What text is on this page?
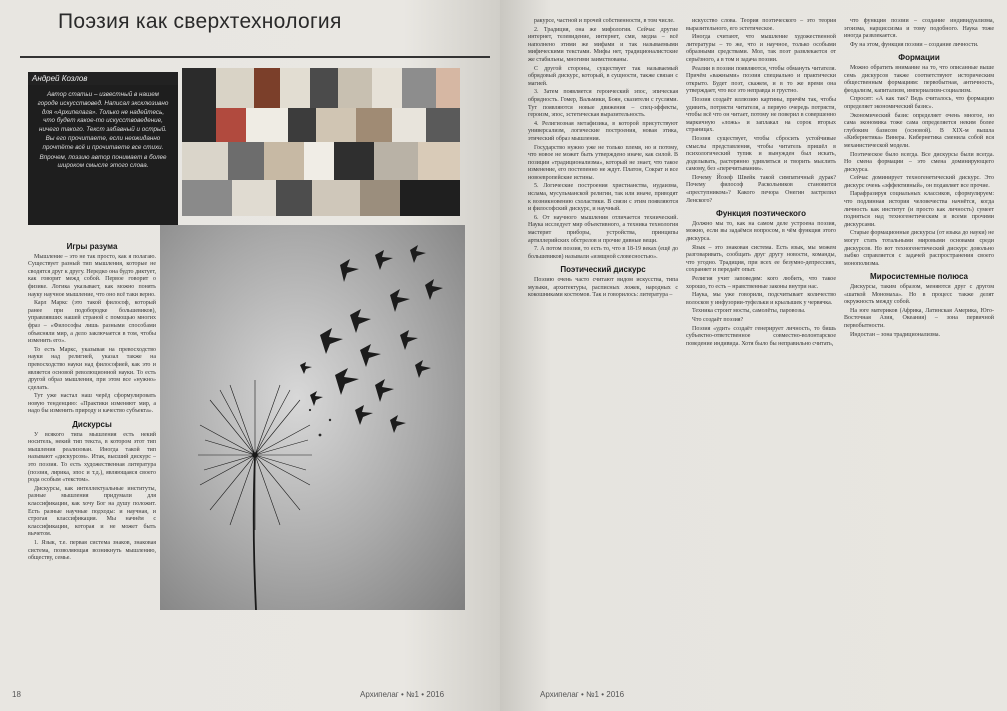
Поэзия как сверхтехнология
Андрей Козлов

Автор статьи – известный в нашем городе искусствовед. Написал эксклюзивно для «Архипелага». Только не надейтесь, что будет какое-то искусствоведение, ничего такого. Текст забавный и острый. Вы его прочитаете, если неожиданно прочтёте всё и прочитаете все стихи.

Впрочем, поэзию автор понимает в более широком смысле этого слова.

Игры разума

Мышление – это не так просто, как я полагаю. Существует разный тип мышления, которые не сводятся друг к другу. Нередко она будто диктует, как говорит межд собой. Первое говорит о физике. Логика указывает, как можно понять науку научное мышление, что оно всё таки верно.

Карл Маркс (это такой философ, который ранее при подобородке большевиков), управлявших нашей страной с помощью многих фраз – «Философы лишь разными способами объясняли мир, а дело заключается в том, чтобы изменить его».

То есть Маркс, указывая на превосходство науки над религией, указал также на превосходство науки над философией, как это и является основой революционной науки. То есть другой образ мышления, при этом все «нужно» сделать.

Тут уже настал наш черёд сформулировать новую тенденцию: «Практики изменяют мир, а надо бы изменить природу и качество субъекта».

Дискурсы

У всякого типа мышления есть некий носитель, некий тип текста, в котором этот тип мышления реализован. Иногда такой тип называют «дискурсом». Итак, высший дискурс – это поэзия. То есть художественная литература (поэзия, лирика, эпос и т.д.), являющаяся своего рода особым «текстом».

Дискурсы, как интеллектуальные институты, разные мышления придумали для классификации, как хочу Бог на душу положит. Есть разные научные подходы: и научная, и строгая классификация. Мы начнём с классификации, которая и не может быть вычетом.

1. Язык, т.е. первая система знаков, знаковая система, позволяющая возникнуть мышлению, обществу, семье.

18	Архипелаг • №1 • 2016

ракурсе, частной и прочей собственности, в том числе.

2. Традиция, она же мифология. Сейчас другие интернет, телевидение, интернет, сми, медиа – всё наполнено этими же мифами и так называемыми мифическими текстами. Мифы нет, традиционалистские же стабильны, многими заимствованы.

С другой стороны, существует так называемый обрядовый дискурс, который, в сущности, также связан с магией.

3. Затем появляется героический эпос, эпическая обрядность. Гомер, Вальмики, Боян, сказители с гуслями. Тут появляются новые движения – спец-эффекты, героизм, эпос, эстетическая выразительность.

4. Религиозная метафизика, в которой присутствуют универсализм, логические построения, новая этика, этический образ мышления.

Государство нужно уже не только племя, но и потому, что новое не может быть утверждено иначе, как силой. В позиции «традиционализма», который не знает, что такое изменение, его постепенно не ждут. Платон, Сократ и все новоевропейские истины.

5. Логические построения христианства, иудаизма, ислама, мусульманской религии, так или иначе, приводят к возникновению схоластики. В связи с этим появляются и философский дискурс, и научный.

6. От научного мышления отличается технический. Наука исследует мир объективного, а техника технология мастерит приборы, устройства, принципы артиллерийских обстрелов и прочие дивные вещи.

7. А потом поэзия, то есть то, что в 18-19 веках (ещё до большевиков) называли «изящной словесностью».

Поэтический дискурс

Поэзию очень часто считают видом искусства, типа музыки, архитектуры, расписных ложек, народных с кокошниками костюмов. Так и говорилось: литература –

искусство слова. Теория поэтического – это теория выразительного, его эстетическое.

Иногда считают, что мышление художественной литературы – то же, что и научное, только особыми образными средствами. Мол, так поэт развлекается от серьёзного, а в том и задача поэзии.

Реалии в поэзии появляются, чтобы обмануть читателя. Причём «важными» поэзия специально и практически открыто. Будет поэт, скажем, и в то же время она утверждает, что все это неправда и грустно.

Поэзия создаёт иллюзию картины, причём так, чтобы удивить, потрясти читателя, а первую очередь потрясти, чтобы всё что он читает, потому не поверил в совершенно маркичную «ложь» и заплакал на сорок вторых страницах.

Поэзия существует, чтобы сбросить устойчивые смыслы представления, чтобы читатель пришёл в психологический тупик и вынужден был искать, доделывать, растерянно удивляться и творить мыслить самому, без «перечитывания».

Почему Йозеф Швейк такой симпатичный дурак? Почему философ Раскольников становится «преступником»? Какого печора Онегин застрелил Ленского?

Функция поэтического

Должно мы то, как на самом деле устроена поэзия, можно, если вы задаёмся вопросом, в чём функция этого дискурса.

Язык – это знаковая система. Есть язык, мы можем разговаривать, сообщать друг другу новости, команды, что угодно. Традиция, при всех ее безумно-депрессиях, сохраняет и передаёт опыт.

Религия учит заповедям: кого любить, что такое хорошо, то есть – нравственные законы внутри нас.

Наука, мы уже говорили, подсчитывает количество волосков у инфузории-туфельки и крылышек у червячка.

Техника строит мосты, самолёты, паровозы.

Что создаёт поэзия?

Поэзия «удит» создаёт генерирует личность, то бишь субъектно-ответственное совместно-волонтарское поведение индивида. Хотя было бы неправильно считать,

что функция поэзии – создание индивидуализма, эгоизма, нарциссизма и тому подобного. Наука тоже иногда развлекается.

Фу на этом, функция поэзии – создание личности.

Формации

Можно обратить внимание на то, что описанные выше семь дискурсов также соответствуют историческим общественным формациям: первобытная, античность, феодализм, капитализм, империализм-социализм.

Спросят: «А как так? Ведь считалось, что формацию определяет экономический базис».

Экономический базис определяет очень многое, но сама экономика тоже сама определяется неким более глубоким базисом (основой). В XIX-м вышла «Кибернетика» Винера. Кибернетика сменила собой вся механистической модели.

Поэтическое было всегда. Все дискурсы были всегда. Но смена формации – это смена доминирующего дискурса.

Сейчас доминирует техногенетический дискурс. Это дискурс очень «эффективный», он подавляет все прочие.

Парафразируя социальных классиков, сформулируем: что подлинная история человечества начнётся, когда личность как институт (и просто как личность) сумеет подняться над техногенетическим и всеми прочими дискурсами.

Старые формационные дискурсы (от языка до науки) не могут стать тотальными мировыми основами среди дискурсов. Но вот техногенетический дискурс довольно зыбко справляется с задачей распространения своего монополизма.

Миросистемные полюса

Дискурсы, таким образом, меняются друг с другом «шаткой Мономаха». Но в процесс также делят окружность между собой.

На юге материков (Африка, Латинская Америка, Юго-Восточная Азия, Океания) – зона первичной первобытности.

Индостан – зона традиционализма.

Архипелаг • №1 • 2016
